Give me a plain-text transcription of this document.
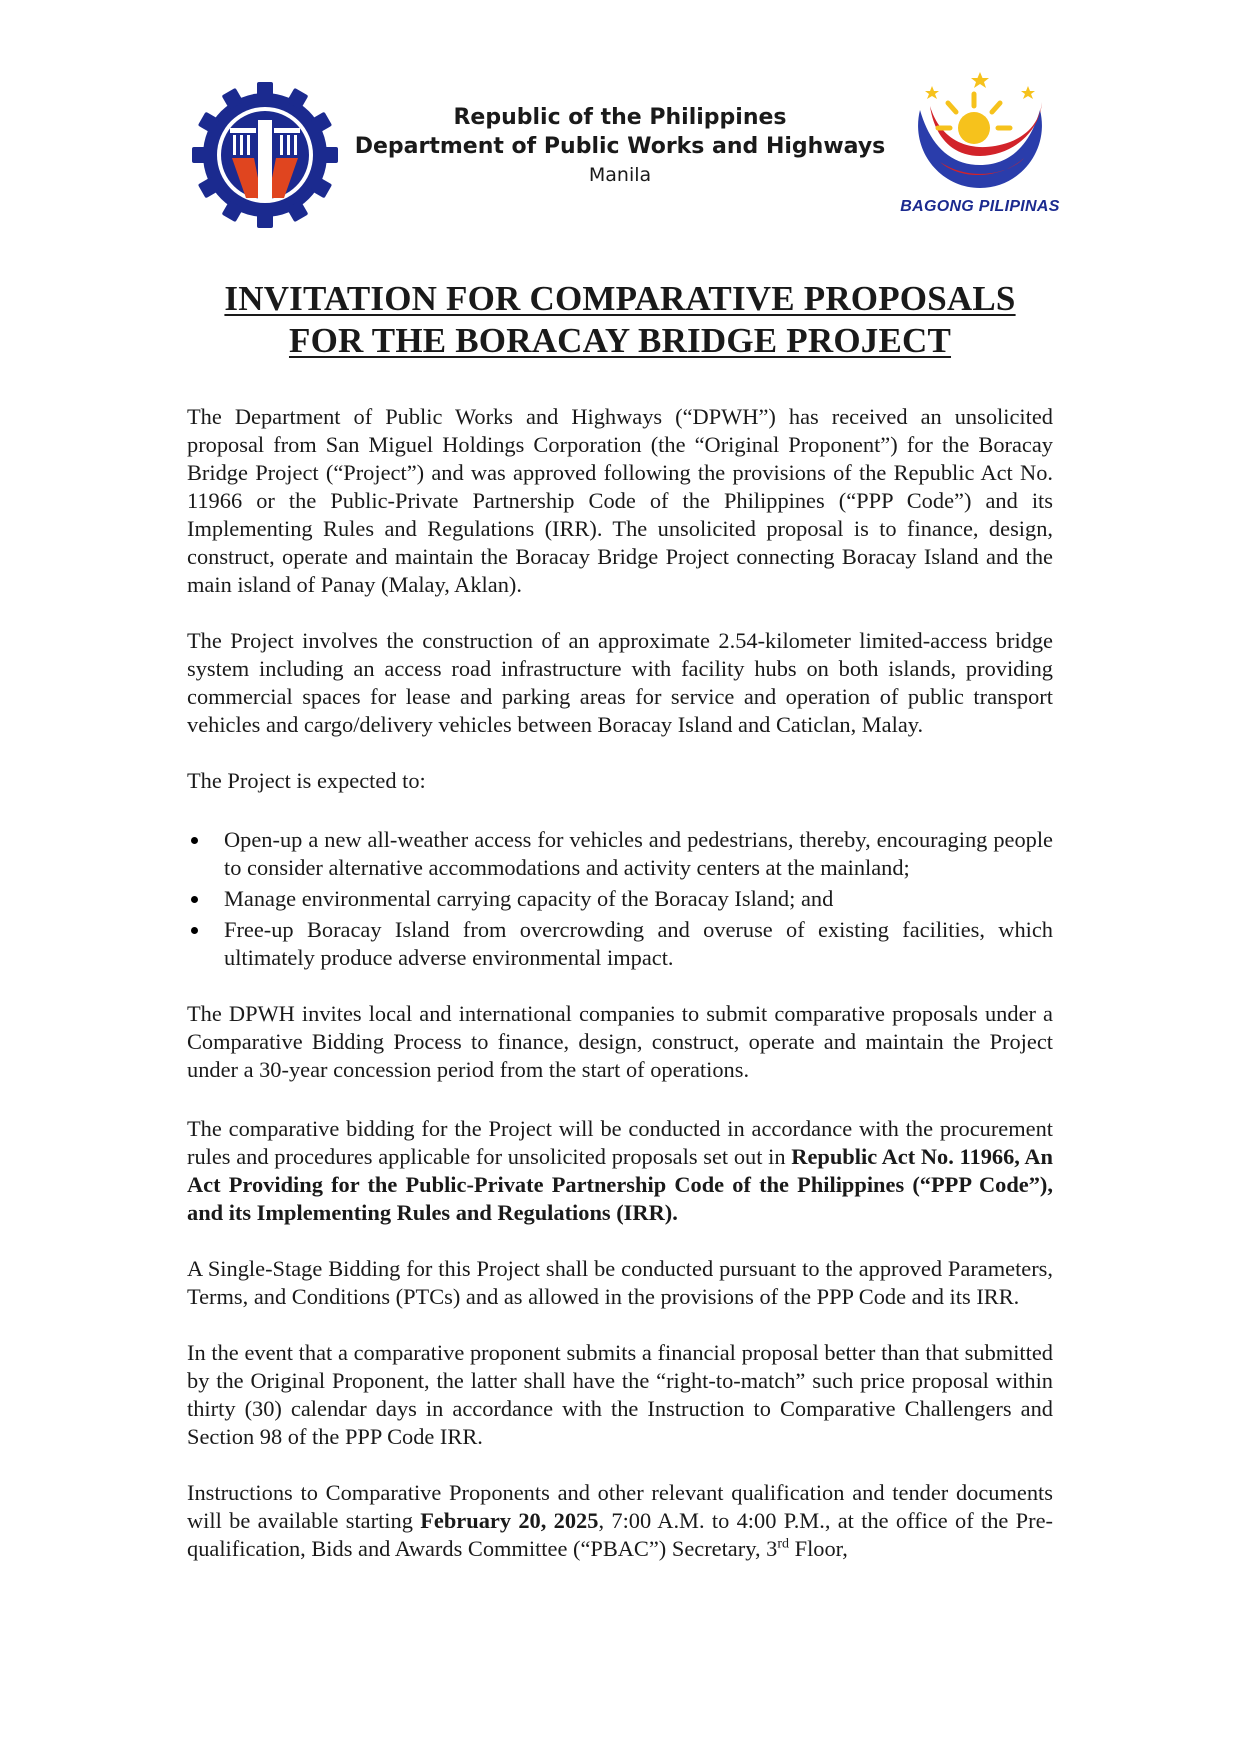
Republic of the Philippines
Department of Public Works and Highways
Manila
BAGONG PILIPINAS
INVITATION FOR COMPARATIVE PROPOSALS
FOR THE BORACAY BRIDGE PROJECT

The Department of Public Works and Highways (“DPWH”) has received an unsolicited proposal from San Miguel Holdings Corporation (the “Original Proponent”) for the Boracay Bridge Project (“Project”) and was approved following the provisions of the Republic Act No. 11966 or the Public-Private Partnership Code of the Philippines (“PPP Code”) and its Implementing Rules and Regulations (IRR). The unsolicited proposal is to finance, design, construct, operate and maintain the Boracay Bridge Project connecting Boracay Island and the main island of Panay (Malay, Aklan).

The Project involves the construction of an approximate 2.54-kilometer limited-access bridge system including an access road infrastructure with facility hubs on both islands, providing commercial spaces for lease and parking areas for service and operation of public transport vehicles and cargo/delivery vehicles between Boracay Island and Caticlan, Malay.

The Project is expected to:

Open-up a new all-weather access for vehicles and pedestrians, thereby, encouraging people to consider alternative accommodations and activity centers at the mainland;
Manage environmental carrying capacity of the Boracay Island; and
Free-up Boracay Island from overcrowding and overuse of existing facilities, which ultimately produce adverse environmental impact.

The DPWH invites local and international companies to submit comparative proposals under a Comparative Bidding Process to finance, design, construct, operate and maintain the Project under a 30-year concession period from the start of operations.

The comparative bidding for the Project will be conducted in accordance with the procurement rules and procedures applicable for unsolicited proposals set out in Republic Act No. 11966, An Act Providing for the Public-Private Partnership Code of the Philippines (“PPP Code”), and its Implementing Rules and Regulations (IRR).

A Single-Stage Bidding for this Project shall be conducted pursuant to the approved Parameters, Terms, and Conditions (PTCs) and as allowed in the provisions of the PPP Code and its IRR.

In the event that a comparative proponent submits a financial proposal better than that submitted by the Original Proponent, the latter shall have the “right-to-match” such price proposal within thirty (30) calendar days in accordance with the Instruction to Comparative Challengers and Section 98 of the PPP Code IRR.

Instructions to Comparative Proponents and other relevant qualification and tender documents will be available starting February 20, 2025, 7:00 A.M. to 4:00 P.M., at the office of the Pre-qualification, Bids and Awards Committee (“PBAC”) Secretary, 3rd Floor,
